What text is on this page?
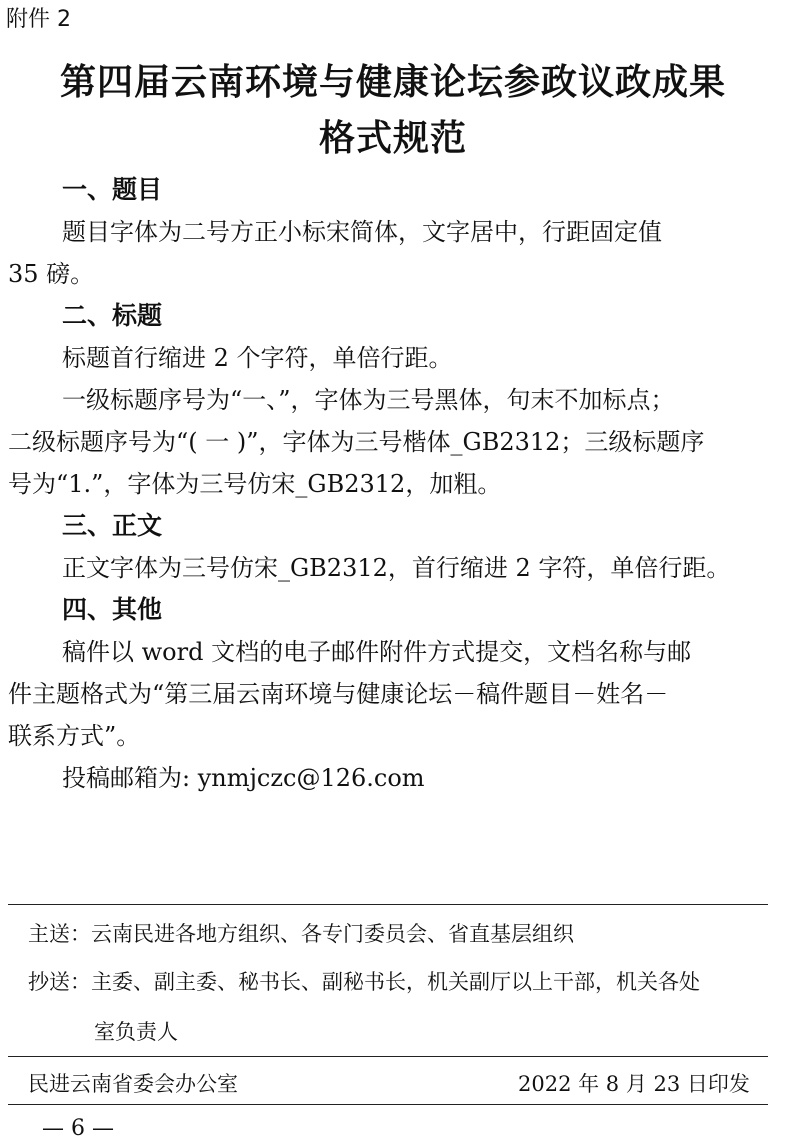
附件 2
第四届云南环境与健康论坛参政议政成果
格式规范
一、题目
题目字体为二号方正小标宋简体，文字居中，行距固定值
35 磅。
二、标题
标题首行缩进 2 个字符，单倍行距。
一级标题序号为“一、”，字体为三号黑体，句末不加标点；
二级标题序号为“( 一 )”，字体为三号楷体_GB2312；三级标题序
号为“1.”，字体为三号仿宋_GB2312，加粗。
三、正文
正文字体为三号仿宋_GB2312，首行缩进 2 字符，单倍行距。
四、其他
稿件以 word 文档的电子邮件附件方式提交，文档名称与邮
件主题格式为“第三届云南环境与健康论坛－稿件题目－姓名－
联系方式”。
投稿邮箱为: ynmjczc@126.com
主送：云南民进各地方组织、各专门委员会、省直基层组织
抄送：主委、副主委、秘书长、副秘书长，机关副厅以上干部，机关各处
室负责人
民进云南省委会办公室	2022 年 8 月 23 日印发
— 6 —
